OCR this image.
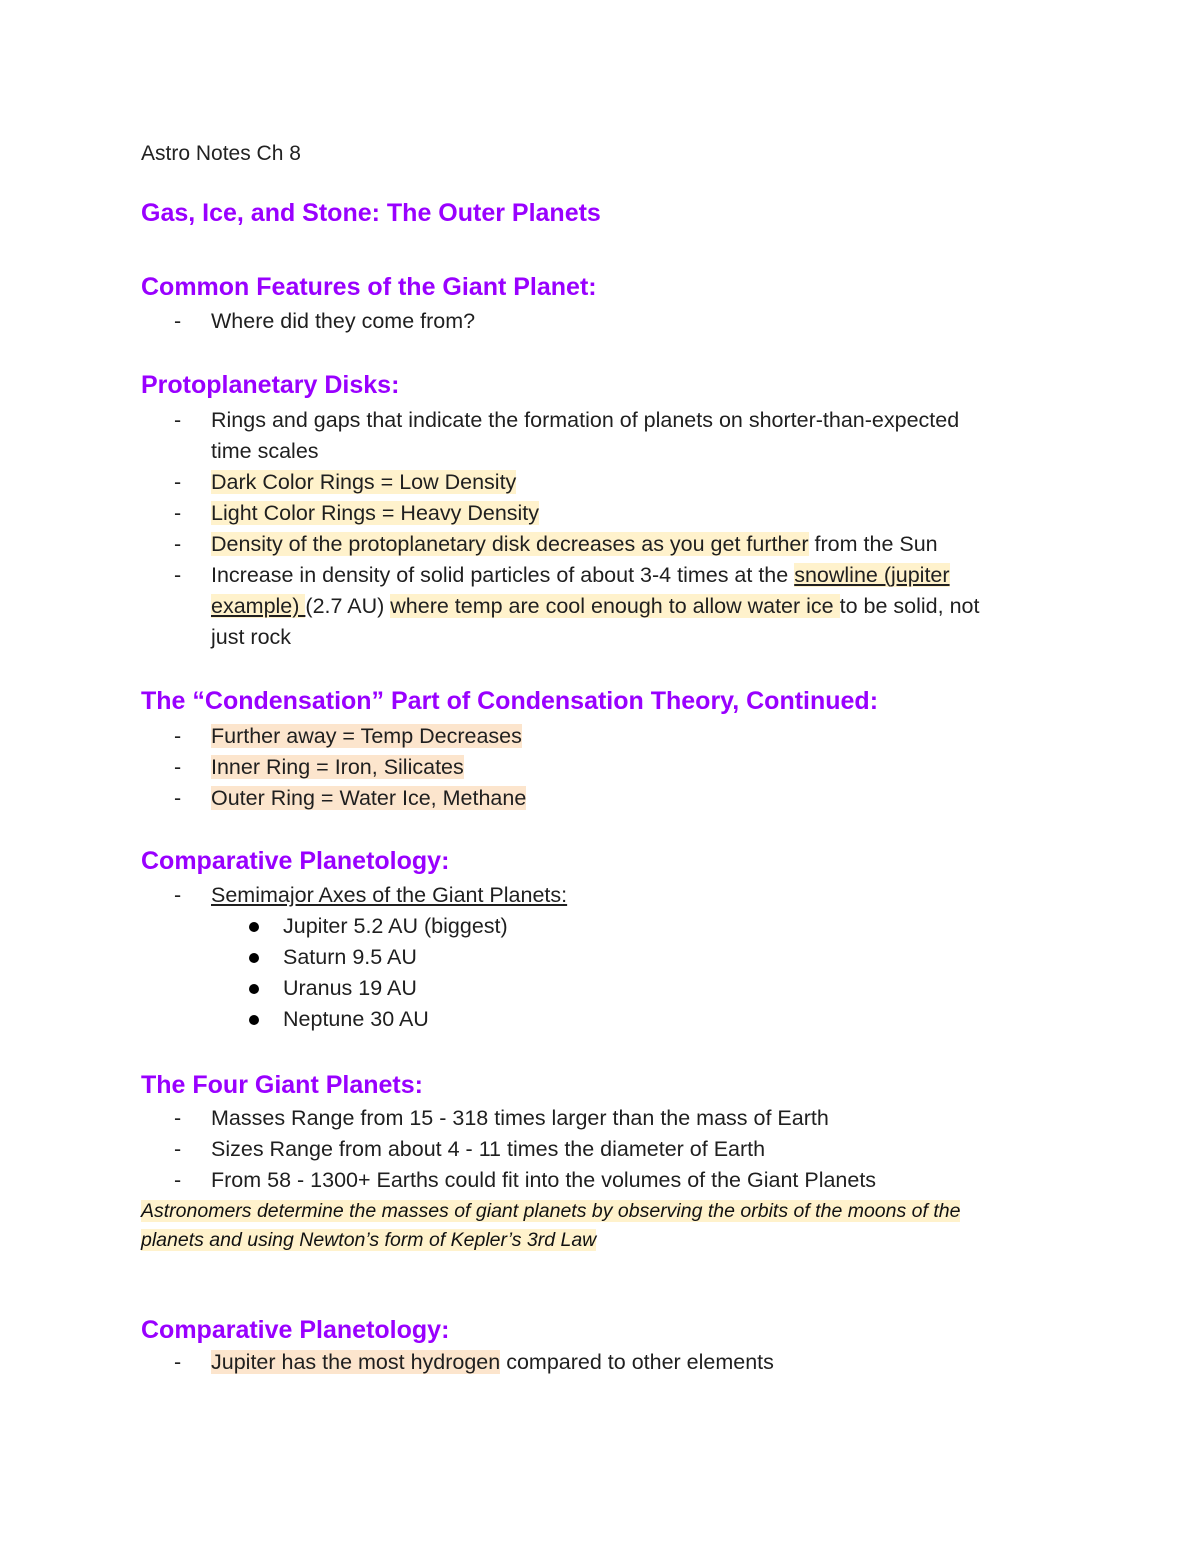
Astro Notes Ch 8
Gas, Ice, and Stone: The Outer Planets
Common Features of the Giant Planet:
- Where did they come from?
Protoplanetary Disks:
- Rings and gaps that indicate the formation of planets on shorter-than-expected
time scales
- Dark Color Rings = Low Density
- Light Color Rings = Heavy Density
- Density of the protoplanetary disk decreases as you get further from the Sun
- Increase in density of solid particles of about 3-4 times at the snowline (jupiter
example) (2.7 AU) where temp are cool enough to allow water ice to be solid, not
just rock
The “Condensation” Part of Condensation Theory, Continued:
- Further away = Temp Decreases
- Inner Ring = Iron, Silicates
- Outer Ring = Water Ice, Methane
Comparative Planetology:
- Semimajor Axes of the Giant Planets:
Jupiter 5.2 AU (biggest)
Saturn 9.5 AU
Uranus 19 AU
Neptune 30 AU
The Four Giant Planets:
- Masses Range from 15 - 318 times larger than the mass of Earth
- Sizes Range from about 4 - 11 times the diameter of Earth
- From 58 - 1300+ Earths could fit into the volumes of the Giant Planets
Astronomers determine the masses of giant planets by observing the orbits of the moons of the
planets and using Newton’s form of Kepler’s 3rd Law
Comparative Planetology:
- Jupiter has the most hydrogen compared to other elements
